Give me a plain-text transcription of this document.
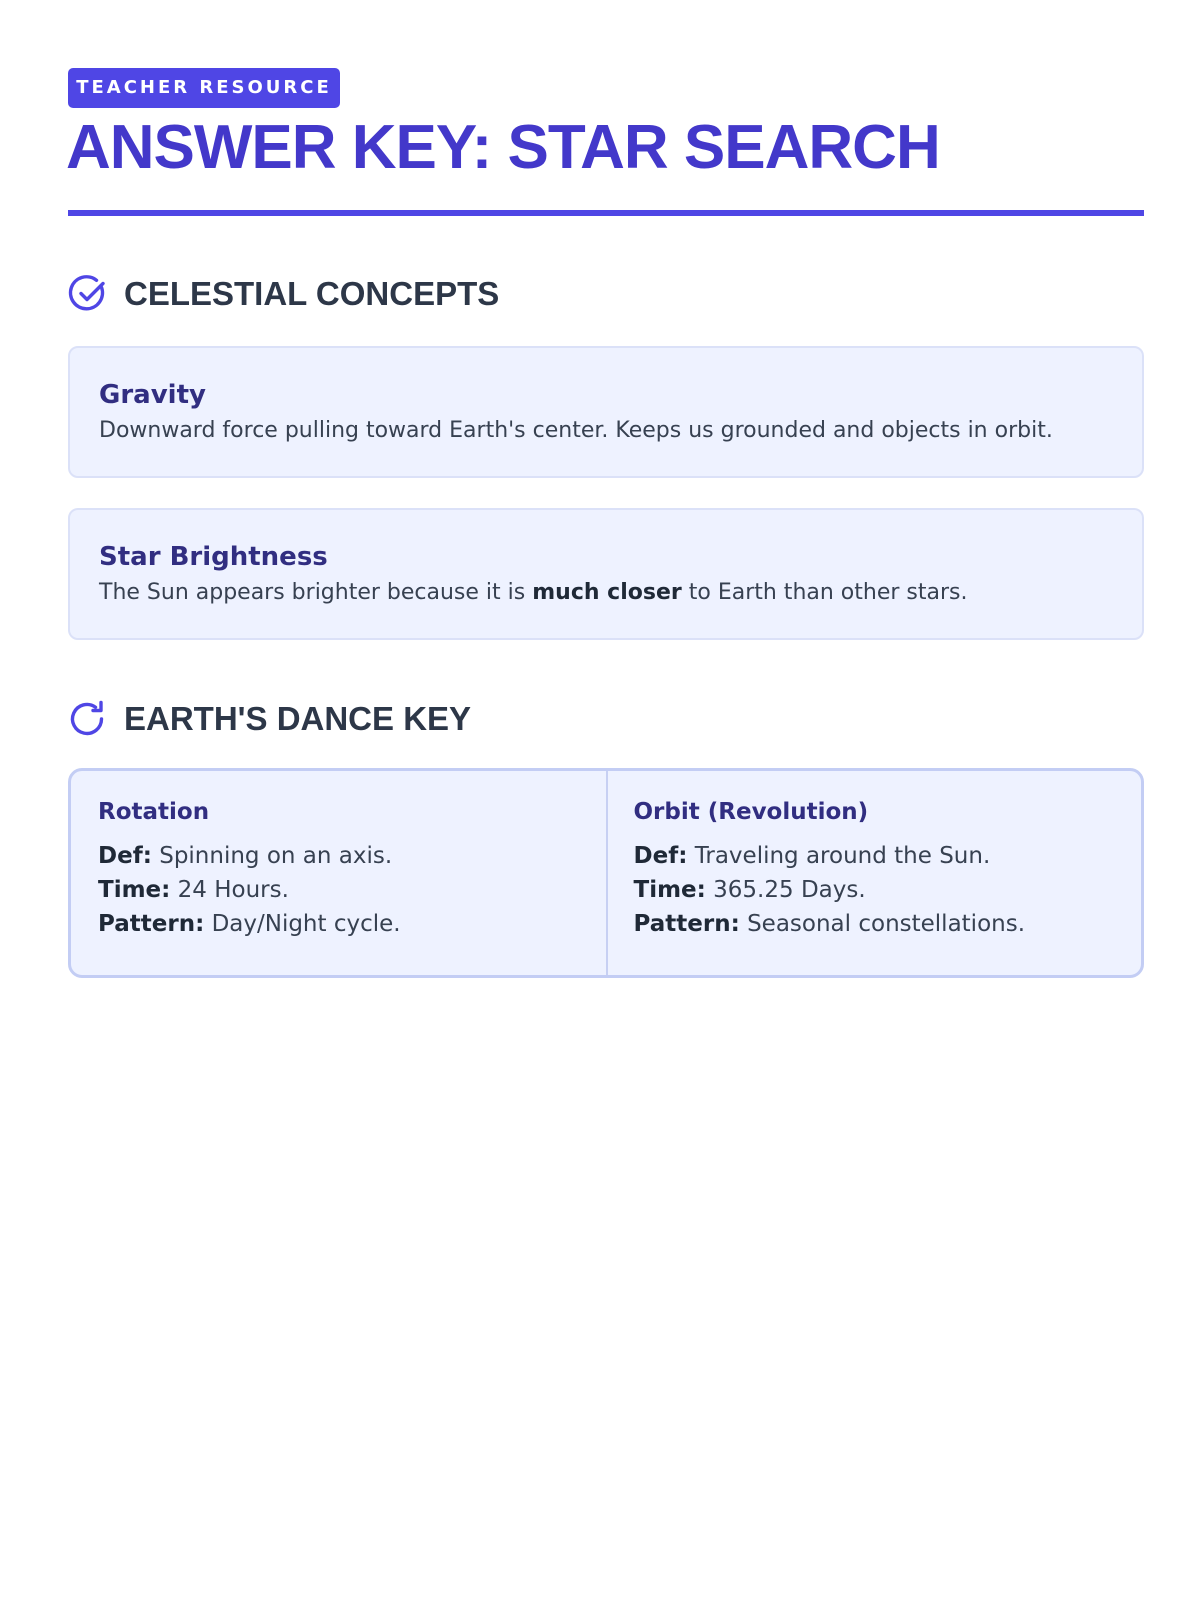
TEACHER RESOURCE
ANSWER KEY: STAR SEARCH
CELESTIAL CONCEPTS
Gravity

Downward force pulling toward Earth's center. Keeps us grounded and objects in orbit.

Star Brightness

The Sun appears brighter because it is much closer to Earth than other stars.

EARTH'S DANCE KEY
Rotation
Def: Spinning on an axis.
Time: 24 Hours.
Pattern: Day/Night cycle.
Orbit (Revolution)
Def: Traveling around the Sun.
Time: 365.25 Days.
Pattern: Seasonal constellations.
